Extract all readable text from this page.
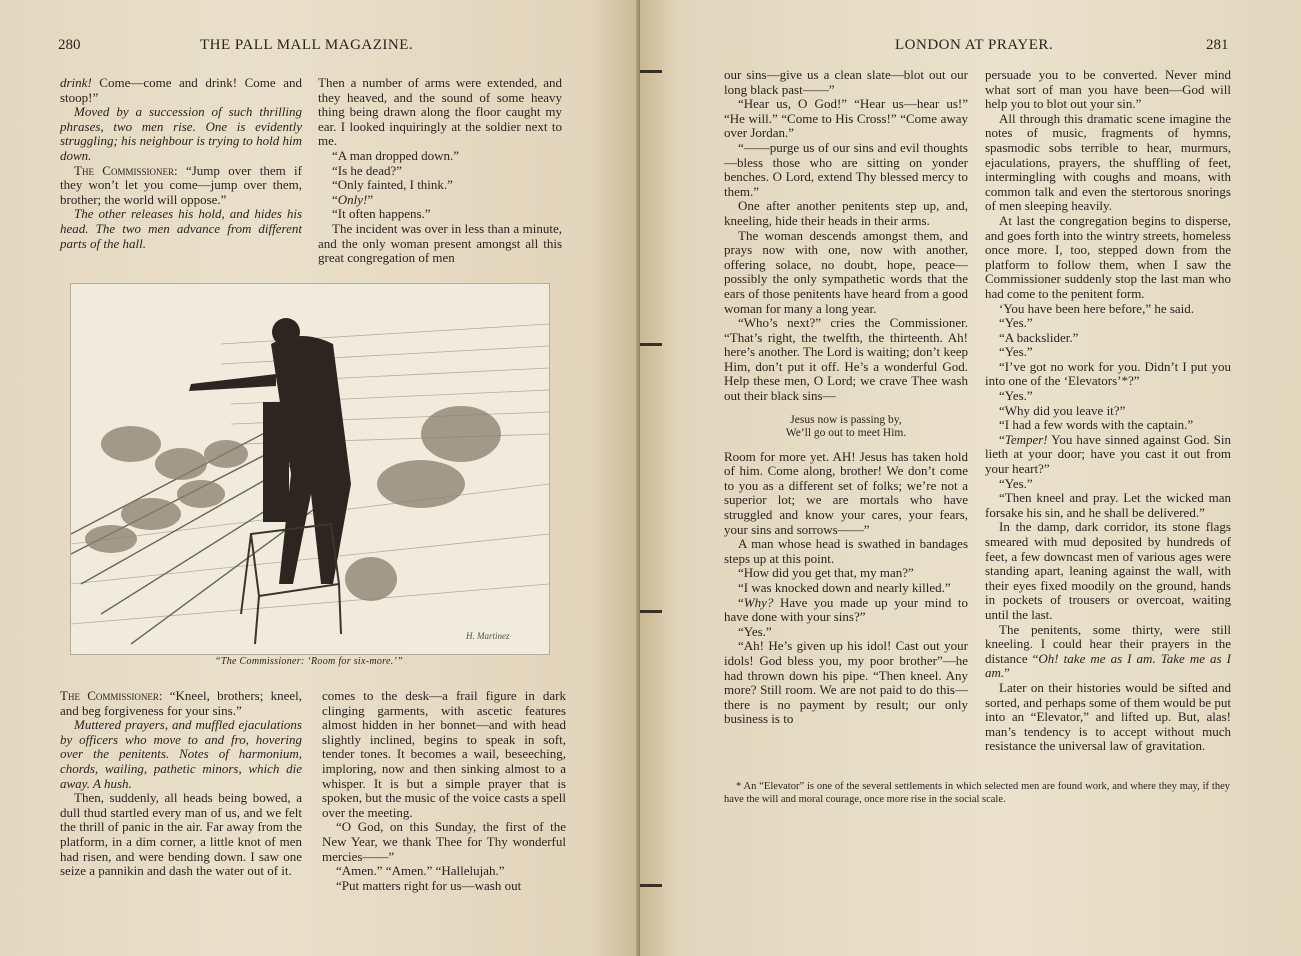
280	THE PALL MALL MAGAZINE.

drink! Come—come and drink! Come and stoop!”

Moved by a succession of such thrilling phrases, two men rise. One is evidently struggling; his neighbour is trying to hold him down.

The Commissioner: “Jump over them if they won’t let you come—jump over them, brother; the world will oppose.”

The other releases his hold, and hides his head. The two men advance from different parts of the hall.

Then a number of arms were extended, and they heaved, and the sound of some heavy thing being drawn along the floor caught my ear. I looked inquiringly at the soldier next to me.

“A man dropped down.”

“Is he dead?”

“Only fainted, I think.”

“Only!”

“It often happens.”

The incident was over in less than a minute, and the only woman present amongst all this great congregation of men

H. Martinez
“The Commissioner: ‘Room for six-more.’”

The Commissioner: “Kneel, brothers; kneel, and beg forgiveness for your sins.”

Muttered prayers, and muffled ejaculations by officers who move to and fro, hovering over the penitents. Notes of harmonium, chords, wailing, pathetic minors, which die away. A hush.

Then, suddenly, all heads being bowed, a dull thud startled every man of us, and we felt the thrill of panic in the air. Far away from the platform, in a dim corner, a little knot of men had risen, and were bending down. I saw one seize a pannikin and dash the water out of it.

comes to the desk—a frail figure in dark clinging garments, with ascetic features almost hidden in her bonnet—and with head slightly inclined, begins to speak in soft, tender tones. It becomes a wail, beseeching, imploring, now and then sinking almost to a whisper. It is but a simple prayer that is spoken, but the music of the voice casts a spell over the meeting.

“O God, on this Sunday, the first of the New Year, we thank Thee for Thy wonderful mercies——”

“Amen.” “Amen.” “Hallelujah.”

“Put matters right for us—wash out

LONDON AT PRAYER.	281

our sins—give us a clean slate—blot out our long black past——”

“Hear us, O God!” “Hear us—hear us!” “He will.” “Come to His Cross!” “Come away over Jordan.”

“——purge us of our sins and evil thoughts—bless those who are sitting on yonder benches. O Lord, extend Thy blessed mercy to them.”

One after another penitents step up, and, kneeling, hide their heads in their arms.

The woman descends amongst them, and prays now with one, now with another, offering solace, no doubt, hope, peace—possibly the only sympathetic words that the ears of those penitents have heard from a good woman for many a long year.

“Who’s next?” cries the Commissioner. “That’s right, the twelfth, the thirteenth. Ah! here’s another. The Lord is waiting; don’t keep Him, don’t put it off. He’s a wonderful God. Help these men, O Lord; we crave Thee wash out their black sins—

Jesus now is passing by,
We’ll go out to meet Him.

Room for more yet. AH! Jesus has taken hold of him. Come along, brother! We don’t come to you as a different set of folks; we’re not a superior lot; we are mortals who have struggled and know your cares, your fears, your sins and sorrows——”

A man whose head is swathed in bandages steps up at this point.

“How did you get that, my man?”

“I was knocked down and nearly killed.”

“Why? Have you made up your mind to have done with your sins?”

“Yes.”

“Ah! He’s given up his idol! Cast out your idols! God bless you, my poor brother”—he had thrown down his pipe. “Then kneel. Any more? Still room. We are not paid to do this—there is no payment by result; our only business is to

persuade you to be converted. Never mind what sort of man you have been—God will help you to blot out your sin.”

All through this dramatic scene imagine the notes of music, fragments of hymns, spasmodic sobs terrible to hear, murmurs, ejaculations, prayers, the shuffling of feet, intermingling with coughs and moans, with common talk and even the stertorous snorings of men sleeping heavily.

At last the congregation begins to disperse, and goes forth into the wintry streets, homeless once more. I, too, stepped down from the platform to follow them, when I saw the Commissioner suddenly stop the last man who had come to the penitent form.

‘You have been here before,” he said.

“Yes.”

“A backslider.”

“Yes.”

“I’ve got no work for you. Didn’t I put you into one of the ‘Elevators’*?”

“Yes.”

“Why did you leave it?”

“I had a few words with the captain.”

“Temper! You have sinned against God. Sin lieth at your door; have you cast it out from your heart?”

“Yes.”

“Then kneel and pray. Let the wicked man forsake his sin, and he shall be delivered.”

In the damp, dark corridor, its stone flags smeared with mud deposited by hundreds of feet, a few downcast men of various ages were standing apart, leaning against the wall, with their eyes fixed moodily on the ground, hands in pockets of trousers or overcoat, waiting until the last.

The penitents, some thirty, were still kneeling. I could hear their prayers in the distance “Oh! take me as I am. Take me as I am.”

Later on their histories would be sifted and sorted, and perhaps some of them would be put into an “Elevator,” and lifted up. But, alas! man’s tendency is to accept without much resistance the universal law of gravitation.

* An “Elevator” is one of the several settlements in which selected men are found work, and where they may, if they have the will and moral courage, once more rise in the social scale.
